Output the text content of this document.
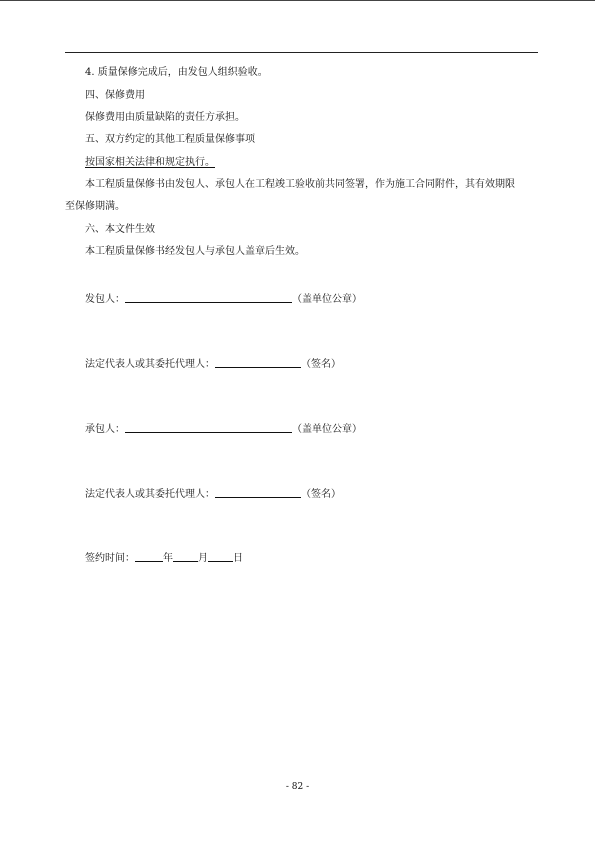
4. 质量保修完成后，由发包人组织验收。
四、保修费用
保修费用由质量缺陷的责任方承担。
五、双方约定的其他工程质量保修事项
按国家相关法律和规定执行。
本工程质量保修书由发包人、承包人在工程竣工验收前共同签署，作为施工合同附件，其有效期限
至保修期满。
六、本文件生效
本工程质量保修书经发包人与承包人盖章后生效。
发包人：	（盖单位公章）
法定代表人或其委托代理人：	（签名）
承包人：	（盖单位公章）
法定代表人或其委托代理人：	（签名）
签约时间：	年	月	日
- 82 -
